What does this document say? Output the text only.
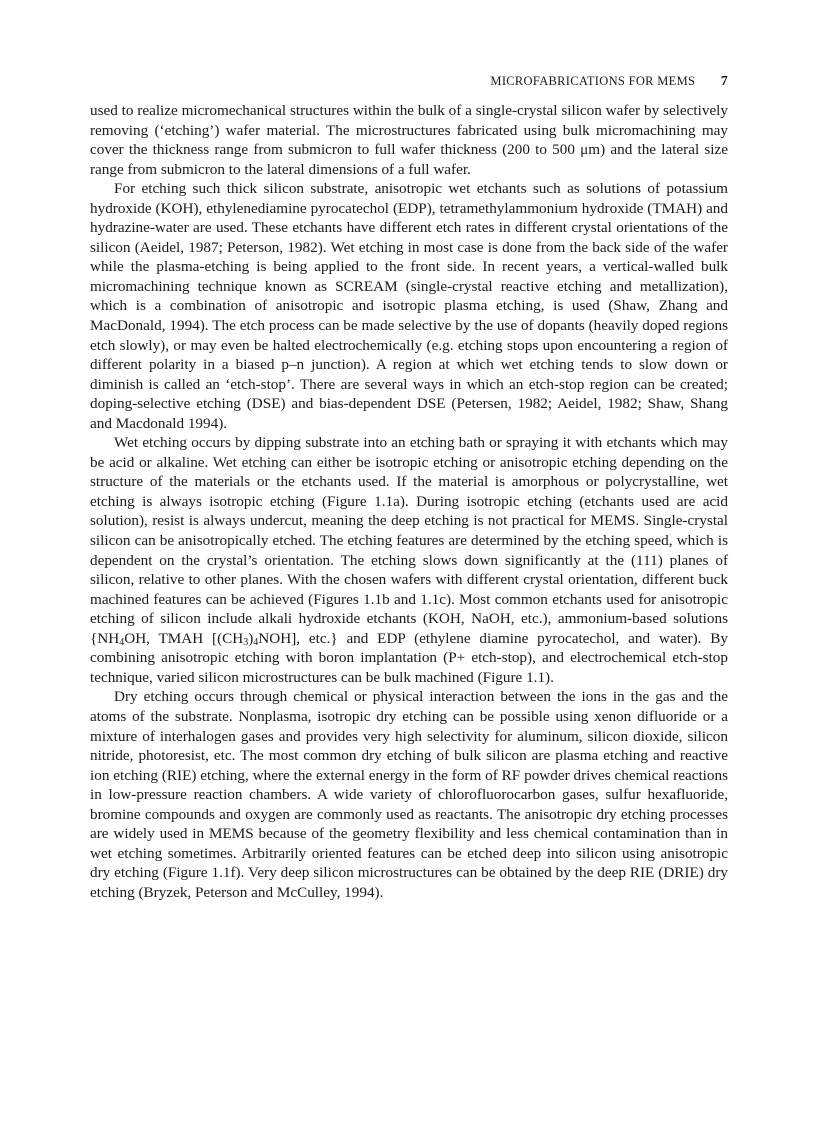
MICROFABRICATIONS FOR MEMS 7

used to realize micromechanical structures within the bulk of a single-crystal silicon wafer by selectively removing (‘etching’) wafer material. The microstructures fabricated using bulk micromachining may cover the thickness range from submicron to full wafer thickness (200 to 500 μm) and the lateral size range from submicron to the lateral dimensions of a full wafer.

For etching such thick silicon substrate, anisotropic wet etchants such as solutions of potassium hydroxide (KOH), ethylenediamine pyrocatechol (EDP), tetramethylammonium hydroxide (TMAH) and hydrazine-water are used. These etchants have different etch rates in different crystal orientations of the silicon (Aeidel, 1987; Peterson, 1982). Wet etching in most case is done from the back side of the wafer while the plasma-etching is being applied to the front side. In recent years, a vertical-walled bulk micromachining technique known as SCREAM (single-crystal reactive etching and metallization), which is a combination of anisotropic and isotropic plasma etching, is used (Shaw, Zhang and MacDonald, 1994). The etch process can be made selective by the use of dopants (heavily doped regions etch slowly), or may even be halted electrochemically (e.g. etching stops upon encountering a region of different polarity in a biased p–n junction). A region at which wet etching tends to slow down or diminish is called an ‘etch-stop’. There are several ways in which an etch-stop region can be created; doping-selective etching (DSE) and bias-dependent DSE (Petersen, 1982; Aeidel, 1982; Shaw, Shang and Macdonald 1994).

Wet etching occurs by dipping substrate into an etching bath or spraying it with etchants which may be acid or alkaline. Wet etching can either be isotropic etching or anisotropic etching depending on the structure of the materials or the etchants used. If the material is amorphous or polycrystalline, wet etching is always isotropic etching (Figure 1.1a). During isotropic etching (etchants used are acid solution), resist is always undercut, meaning the deep etching is not practical for MEMS. Single-crystal silicon can be anisotropically etched. The etching features are determined by the etching speed, which is dependent on the crystal’s orientation. The etching slows down significantly at the (111) planes of silicon, relative to other planes. With the chosen wafers with different crystal orientation, different buck machined features can be achieved (Figures 1.1b and 1.1c). Most common etchants used for anisotropic etching of silicon include alkali hydroxide etchants (KOH, NaOH, etc.), ammonium-based solutions {$NH_4OH$, TMAH $[(CH_3)_4NOH]$, etc.} and EDP (ethylene diamine pyrocatechol, and water). By combining anisotropic etching with boron implantation (P+ etch-stop), and electrochemical etch-stop technique, varied silicon microstructures can be bulk machined (Figure 1.1).

Dry etching occurs through chemical or physical interaction between the ions in the gas and the atoms of the substrate. Nonplasma, isotropic dry etching can be possible using xenon difluoride or a mixture of interhalogen gases and provides very high selectivity for aluminum, silicon dioxide, silicon nitride, photoresist, etc. The most common dry etching of bulk silicon are plasma etching and reactive ion etching (RIE) etching, where the external energy in the form of RF powder drives chemical reactions in low-pressure reaction chambers. A wide variety of chlorofluorocarbon gases, sulfur hexafluoride, bromine compounds and oxygen are commonly used as reactants. The anisotropic dry etching processes are widely used in MEMS because of the geometry flexibility and less chemical contamination than in wet etching sometimes. Arbitrarily oriented features can be etched deep into silicon using anisotropic dry etching (Figure 1.1f). Very deep silicon microstructures can be obtained by the deep RIE (DRIE) dry etching (Bryzek, Peterson and McCulley, 1994).
